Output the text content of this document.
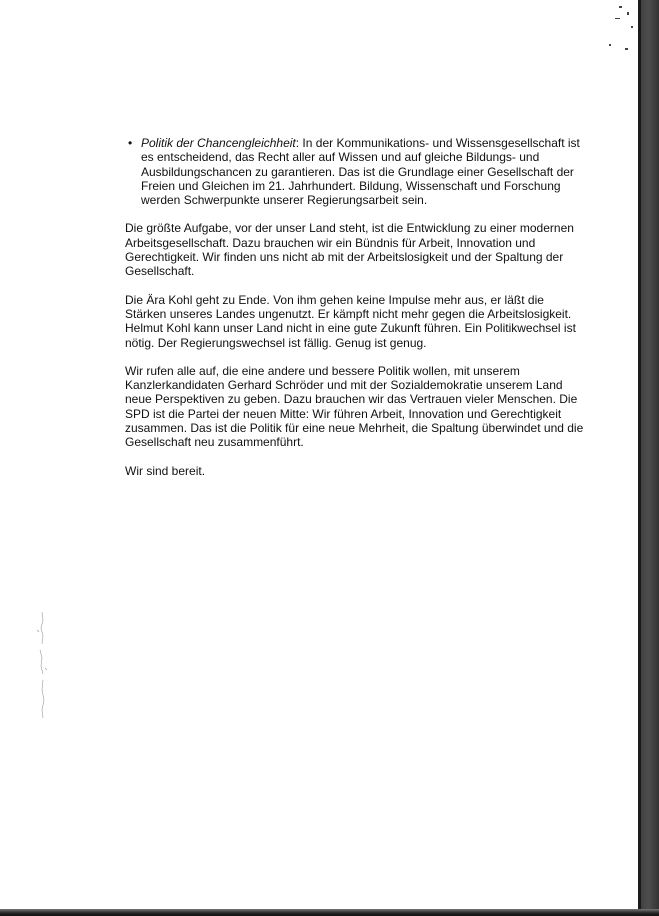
• Politik der Chancengleichheit: In der Kommunikations- und Wissensgesellschaft ist es entscheidend, das Recht aller auf Wissen und auf gleiche Bildungs- und Ausbildungschancen zu garantieren. Das ist die Grundlage einer Gesellschaft der Freien und Gleichen im 21. Jahrhundert. Bildung, Wissenschaft und Forschung werden Schwerpunkte unserer Regierungsarbeit sein.

Die größte Aufgabe, vor der unser Land steht, ist die Entwicklung zu einer modernen Arbeitsgesellschaft. Dazu brauchen wir ein Bündnis für Arbeit, Innovation und Gerechtigkeit. Wir finden uns nicht ab mit der Arbeitslosigkeit und der Spaltung der Gesellschaft.

Die Ära Kohl geht zu Ende. Von ihm gehen keine Impulse mehr aus, er läßt die Stärken unseres Landes ungenutzt. Er kämpft nicht mehr gegen die Arbeitslosigkeit. Helmut Kohl kann unser Land nicht in eine gute Zukunft führen. Ein Politikwechsel ist nötig. Der Regierungswechsel ist fällig. Genug ist genug.

Wir rufen alle auf, die eine andere und bessere Politik wollen, mit unserem Kanzlerkandidaten Gerhard Schröder und mit der Sozialdemokratie unserem Land neue Perspektiven zu geben. Dazu brauchen wir das Vertrauen vieler Menschen. Die SPD ist die Partei der neuen Mitte: Wir führen Arbeit, Innovation und Gerechtigkeit zusammen. Das ist die Politik für eine neue Mehrheit, die Spaltung überwindet und die Gesellschaft neu zusammenführt.

Wir sind bereit.
